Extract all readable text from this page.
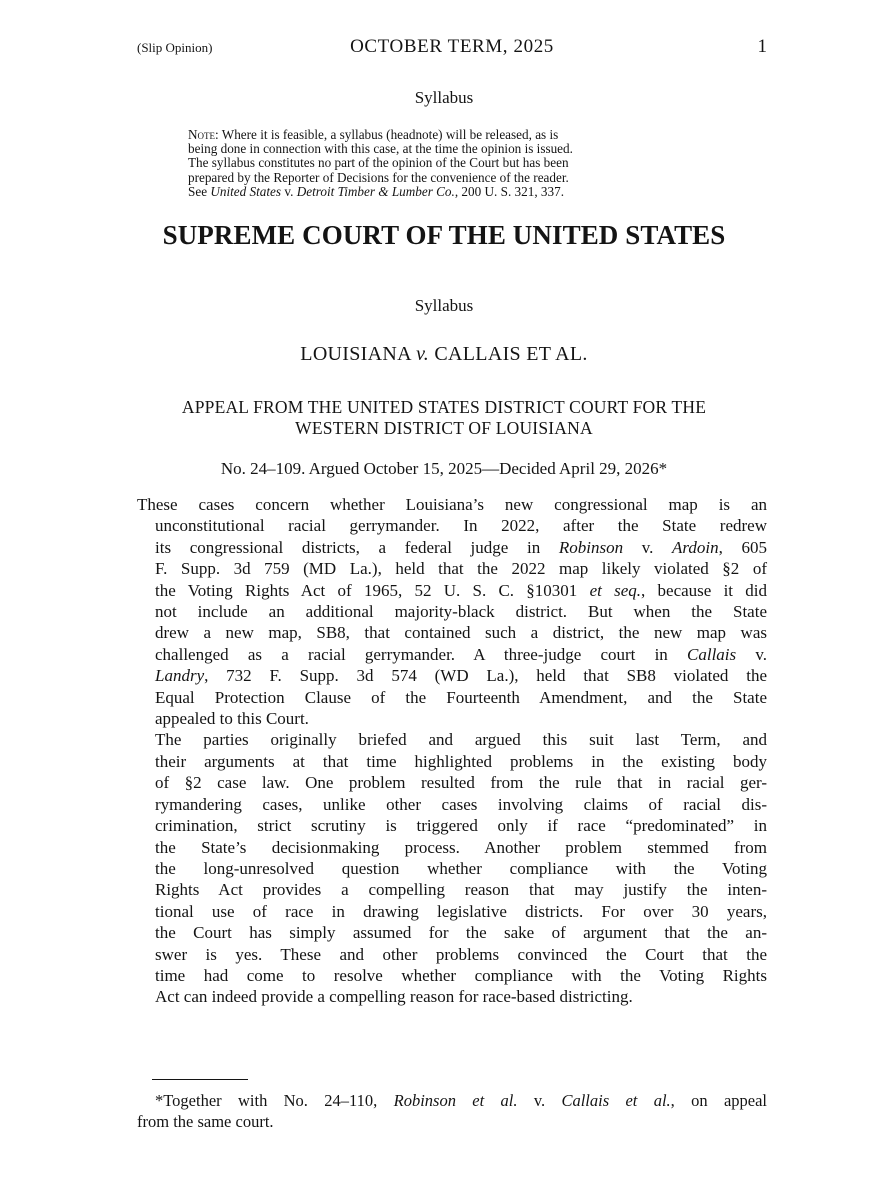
(Slip Opinion)	OCTOBER TERM, 2025	1
Syllabus
Note: Where it is feasible, a syllabus (headnote) will be released, as is
being done in connection with this case, at the time the opinion is issued.
The syllabus constitutes no part of the opinion of the Court but has been
prepared by the Reporter of Decisions for the convenience of the reader.
See United States v. Detroit Timber & Lumber Co., 200 U. S. 321, 337.
SUPREME COURT OF THE UNITED STATES
Syllabus
LOUISIANA v. CALLAIS ET AL.
APPEAL FROM THE UNITED STATES DISTRICT COURT FOR THE
WESTERN DISTRICT OF LOUISIANA
No. 24–109. Argued October 15, 2025—Decided April 29, 2026*
These cases concern whether Louisiana’s new congressional map is an
unconstitutional racial gerrymander. In 2022, after the State redrew
its congressional districts, a federal judge in Robinson v. Ardoin, 605
F. Supp. 3d 759 (MD La.), held that the 2022 map likely violated §2 of
the Voting Rights Act of 1965, 52 U. S. C. §10301 et seq., because it did
not include an additional majority-black district. But when the State
drew a new map, SB8, that contained such a district, the new map was
challenged as a racial gerrymander. A three-judge court in Callais v.
Landry, 732 F. Supp. 3d 574 (WD La.), held that SB8 violated the
Equal Protection Clause of the Fourteenth Amendment, and the State
appealed to this Court.
The parties originally briefed and argued this suit last Term, and
their arguments at that time highlighted problems in the existing body
of §2 case law. One problem resulted from the rule that in racial ger-
rymandering cases, unlike other cases involving claims of racial dis-
crimination, strict scrutiny is triggered only if race “predominated” in
the State’s decisionmaking process. Another problem stemmed from
the long-unresolved question whether compliance with the Voting
Rights Act provides a compelling reason that may justify the inten-
tional use of race in drawing legislative districts. For over 30 years,
the Court has simply assumed for the sake of argument that the an-
swer is yes. These and other problems convinced the Court that the
time had come to resolve whether compliance with the Voting Rights
Act can indeed provide a compelling reason for race-based districting.
*Together with No. 24–110, Robinson et al. v. Callais et al., on appeal
from the same court.
